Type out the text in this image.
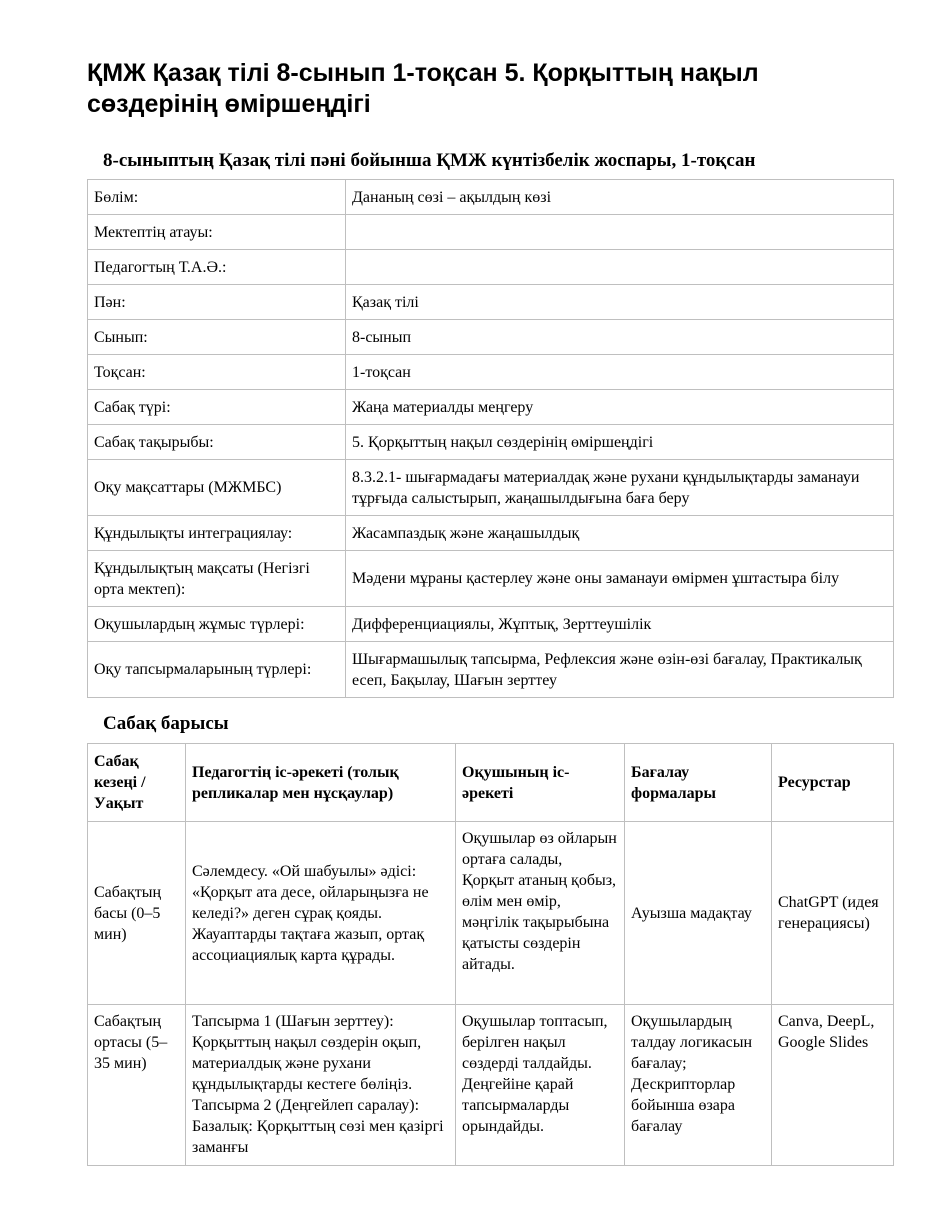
ҚМЖ Қазақ тілі 8-сынып 1-тоқсан 5. Қорқыттың нақыл сөздерінің өміршеңдігі
8-сыныптың Қазақ тілі пәні бойынша ҚМЖ күнтізбелік жоспары, 1-тоқсан
Бөлім:	Дананың сөзі – ақылдың көзі
Мектептің атауы:	
Педагогтың Т.А.Ә.:	
Пән:	Қазақ тілі
Сынып:	8-сынып
Тоқсан:	1-тоқсан
Сабақ түрі:	Жаңа материалды меңгеру
Сабақ тақырыбы:	5. Қорқыттың нақыл сөздерінің өміршеңдігі
Оқу мақсаттары (МЖМБС)	8.3.2.1- шығармадағы материалдақ және рухани құндылықтарды заманауи тұрғыда салыстырып, жаңашылдығына баға беру
Құндылықты интеграциялау:	Жасампаздық және жаңашылдық
Құндылықтың мақсаты (Негізгі орта мектеп):	Мәдени мұраны қастерлеу және оны заманауи өмірмен ұштастыра білу
Оқушылардың жұмыс түрлері:	Дифференциациялы, Жұптық, Зерттеушілік
Оқу тапсырмаларының түрлері:	Шығармашылық тапсырма, Рефлексия және өзін-өзі бағалау, Практикалық есеп, Бақылау, Шағын зерттеу
Сабақ барысы
Сабақ кезеңі / Уақыт	Педагогтің іс-әрекеті (толық репликалар мен нұсқаулар)	Оқушының іс-әрекеті	Бағалау формалары	Ресурстар
Сабақтың басы (0–5 мин)	Сәлемдесу. «Ой шабуылы» әдісі: «Қорқыт ата десе, ойларыңызға не келеді?» деген сұрақ қояды. Жауаптарды тақтаға жазып, ортақ ассоциациялық карта құрады.	Оқушылар өз ойларын ортаға салады, Қорқыт атаның қобыз, өлім мен өмір, мәңгілік тақырыбына қатысты сөздерін айтады.	Ауызша мадақтау	ChatGPT (идея генерациясы)
Сабақтың ортасы (5–35 мин)	Тапсырма 1 (Шағын зерттеу): Қорқыттың нақыл сөздерін оқып, материалдық және рухани құндылықтарды кестеге бөліңіз. Тапсырма 2 (Деңгейлеп саралау): Базалық: Қорқыттың сөзі мен қазіргі заманғы	Оқушылар топтасып, берілген нақыл сөздерді талдайды. Деңгейіне қарай тапсырмаларды орындайды.	Оқушылардың талдау логикасын бағалау; Дескрипторлар бойынша өзара бағалау	Canva, DeepL, Google Slides
